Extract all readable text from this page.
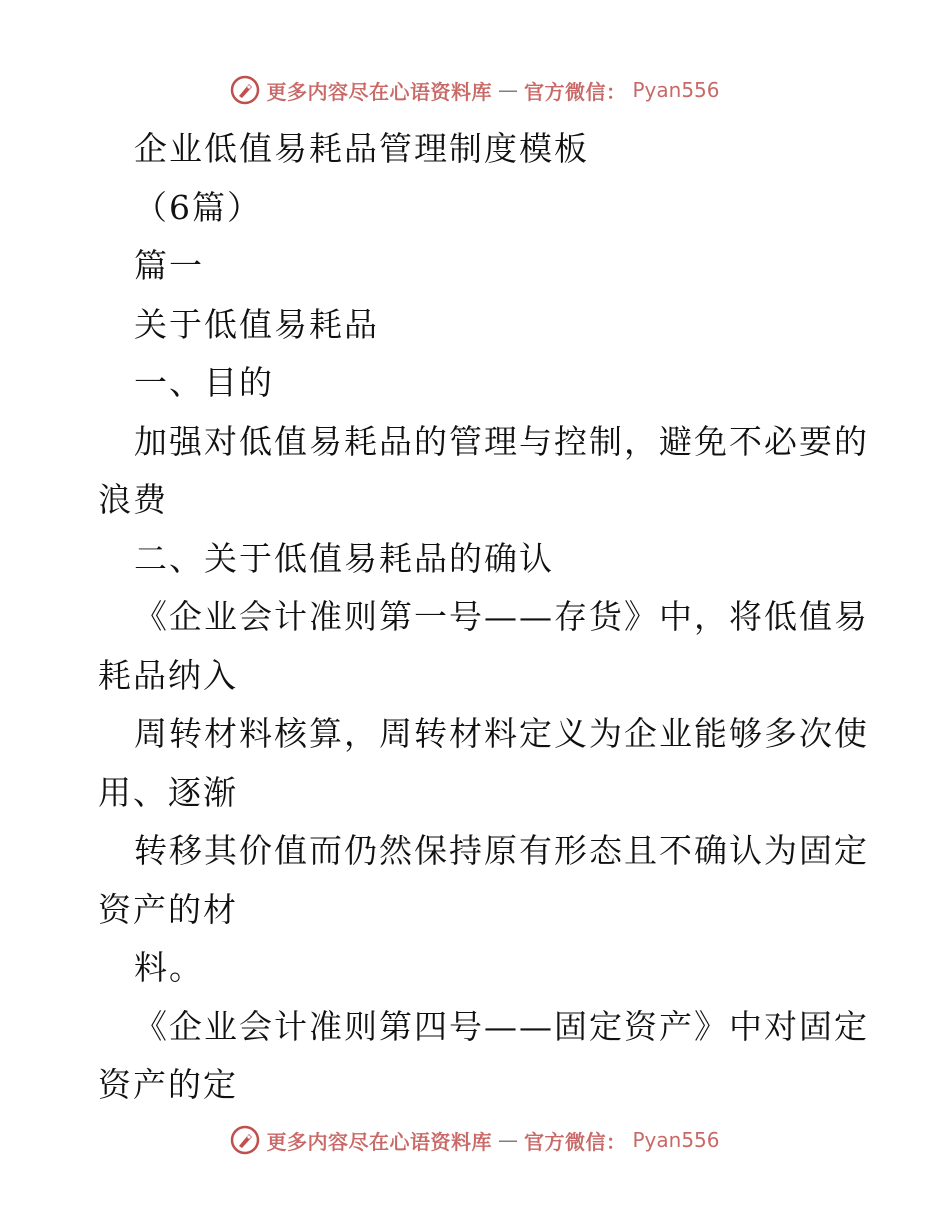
更多内容尽在心语资料库 — 官方微信： Pyan556
企业低值易耗品管理制度模板
（6篇）
篇一
关于低值易耗品
一、目的
加强对低值易耗品的管理与控制，避免不必要的
浪费
二、关于低值易耗品的确认
《企业会计准则第一号——存货》中，将低值易
耗品纳入
周转材料核算，周转材料定义为企业能够多次使
用、逐渐
转移其价值而仍然保持原有形态且不确认为固定
资产的材
料。
《企业会计准则第四号——固定资产》中对固定
资产的定
更多内容尽在心语资料库 — 官方微信： Pyan556
